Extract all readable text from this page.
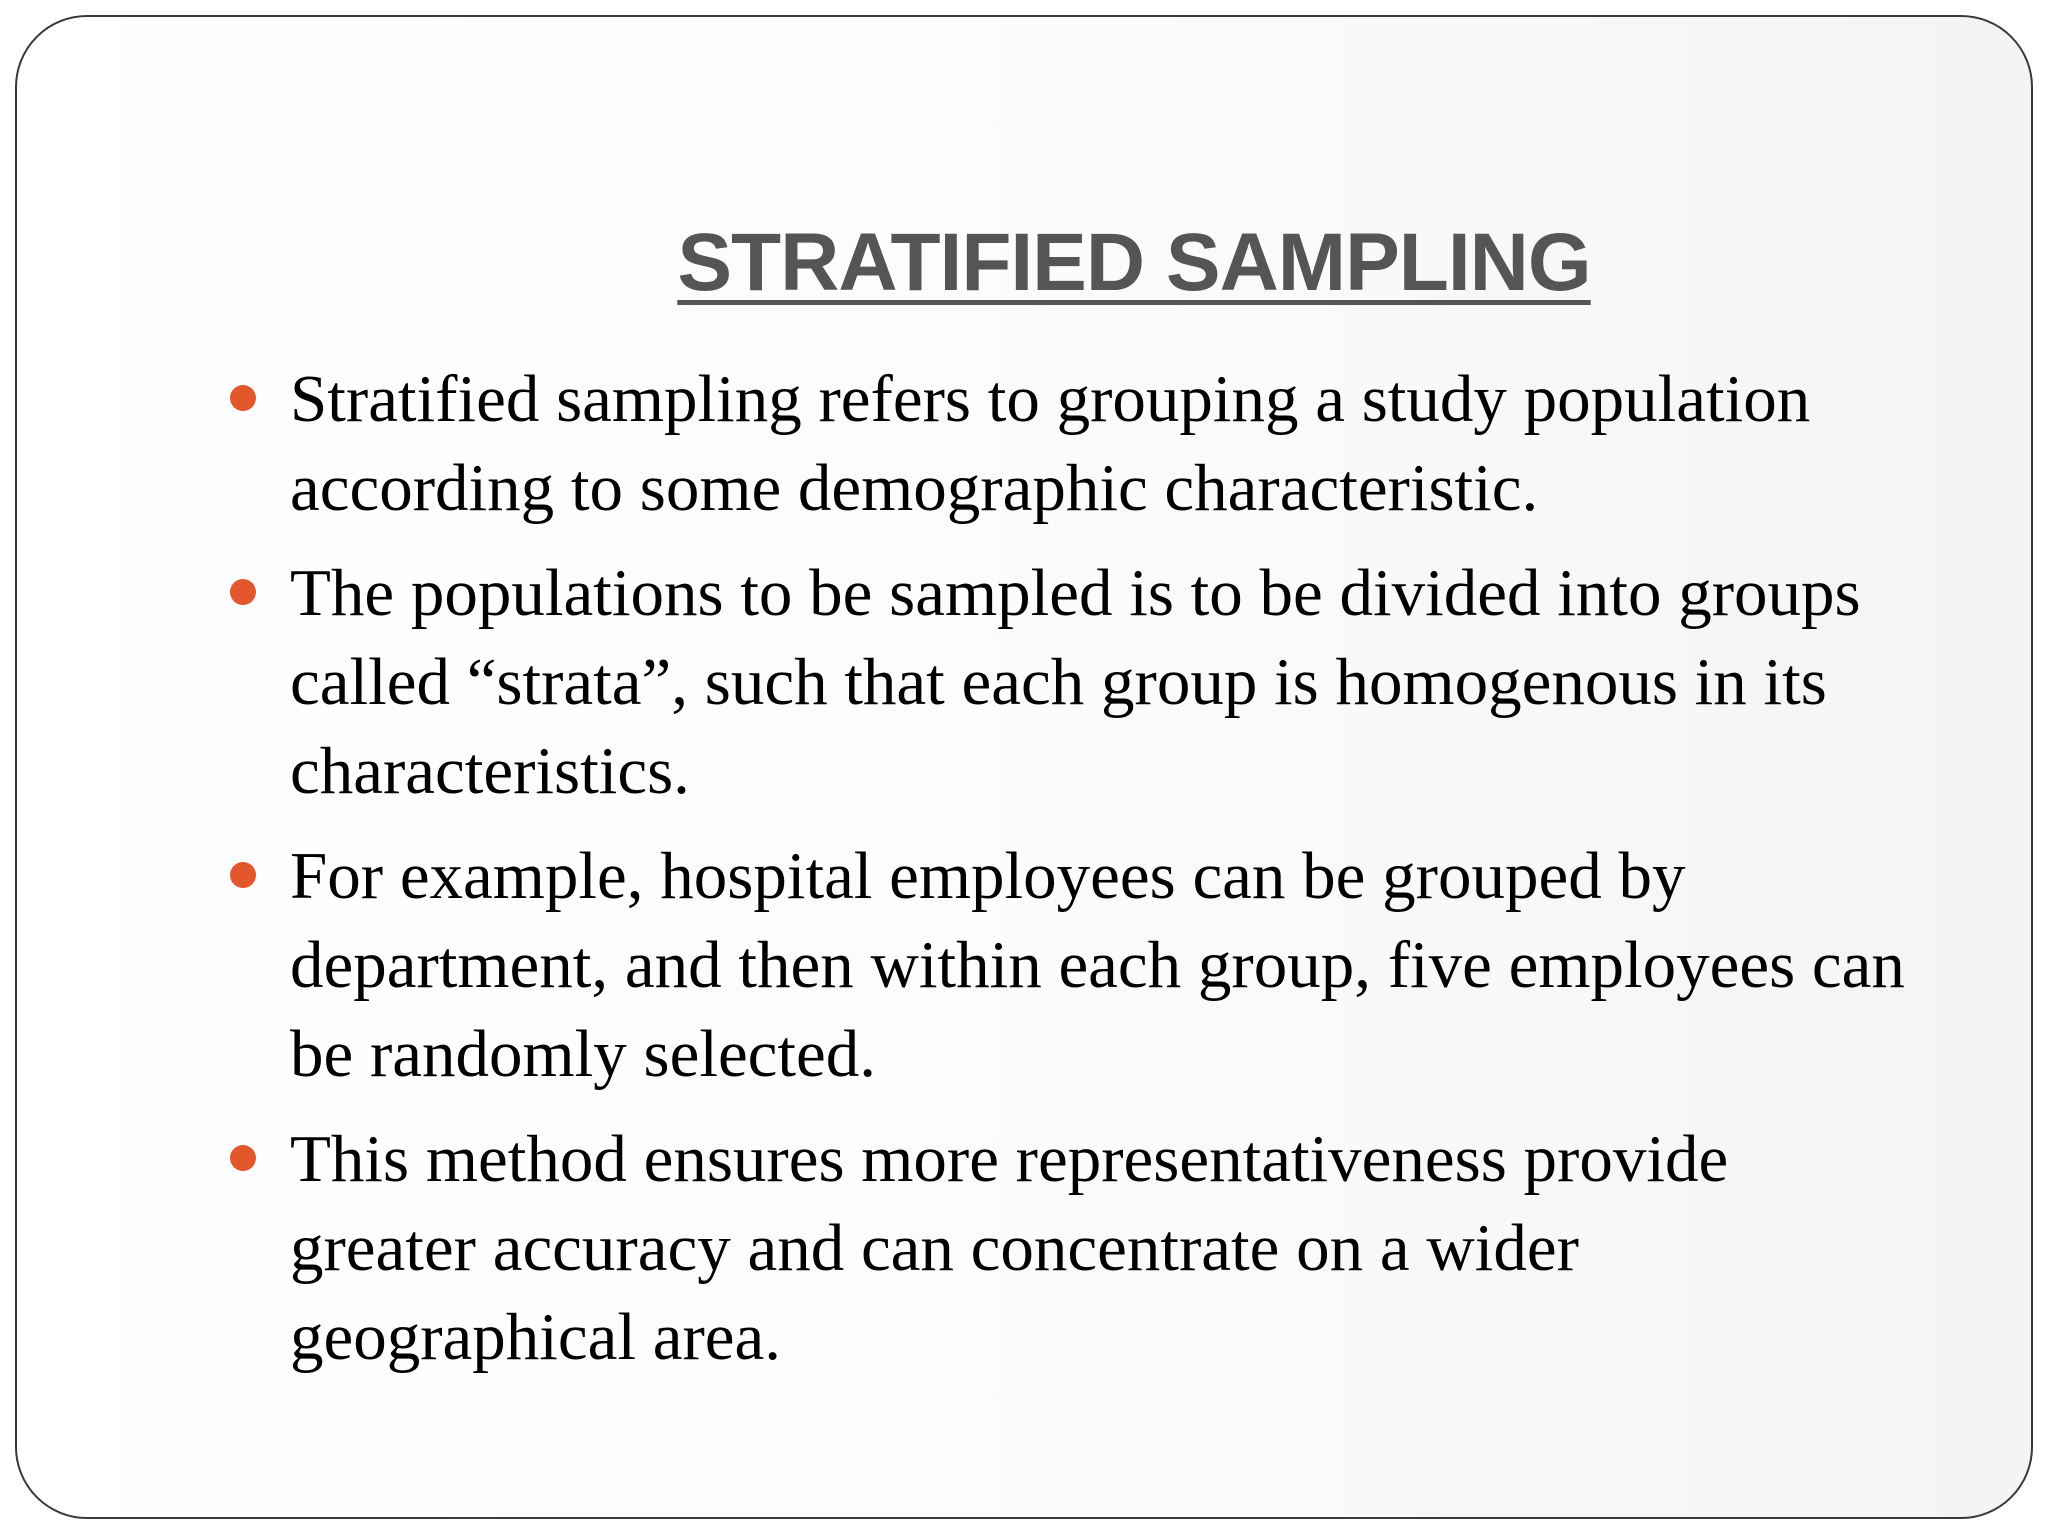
STRATIFIED SAMPLING
Stratified sampling refers to grouping a study population according to some demographic characteristic.
The populations to be sampled is to be divided into groups called “strata”, such that each group is homogenous in its characteristics.
For example, hospital employees can be grouped by department, and then within each group, five employees can be randomly selected.
This method ensures more representativeness provide greater accuracy and can concentrate on a wider geographical area.
